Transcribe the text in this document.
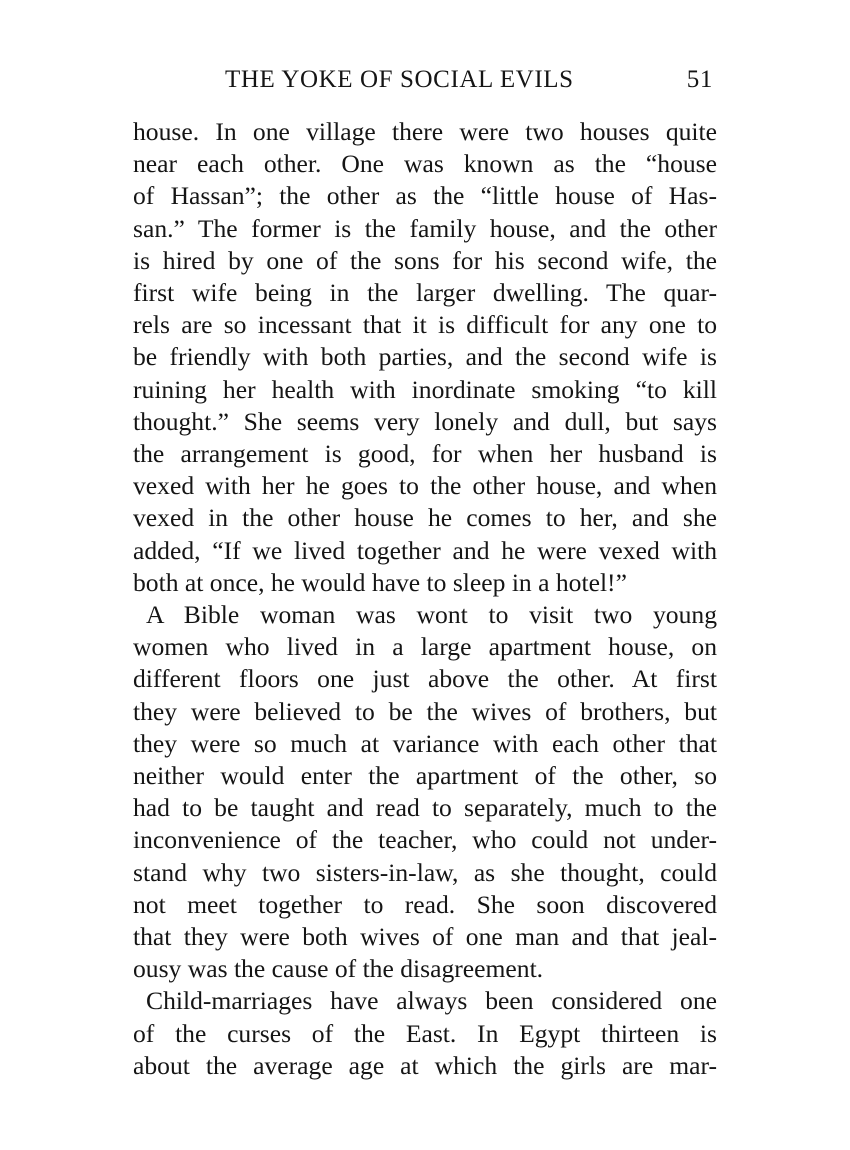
THE YOKE OF SOCIAL EVILS	51
house. In one village there were two houses quite
near each other. One was known as the “house
of Hassan”; the other as the “little house of Has-
san.” The former is the family house, and the other
is hired by one of the sons for his second wife, the
first wife being in the larger dwelling. The quar-
rels are so incessant that it is difficult for any one to
be friendly with both parties, and the second wife is
ruining her health with inordinate smoking “to kill
thought.” She seems very lonely and dull, but says
the arrangement is good, for when her husband is
vexed with her he goes to the other house, and when
vexed in the other house he comes to her, and she
added, “If we lived together and he were vexed with
both at once, he would have to sleep in a hotel!”
A Bible woman was wont to visit two young
women who lived in a large apartment house, on
different floors one just above the other. At first
they were believed to be the wives of brothers, but
they were so much at variance with each other that
neither would enter the apartment of the other, so
had to be taught and read to separately, much to the
inconvenience of the teacher, who could not under-
stand why two sisters-in-law, as she thought, could
not meet together to read. She soon discovered
that they were both wives of one man and that jeal-
ousy was the cause of the disagreement.
Child-marriages have always been considered one
of the curses of the East. In Egypt thirteen is
about the average age at which the girls are mar-
